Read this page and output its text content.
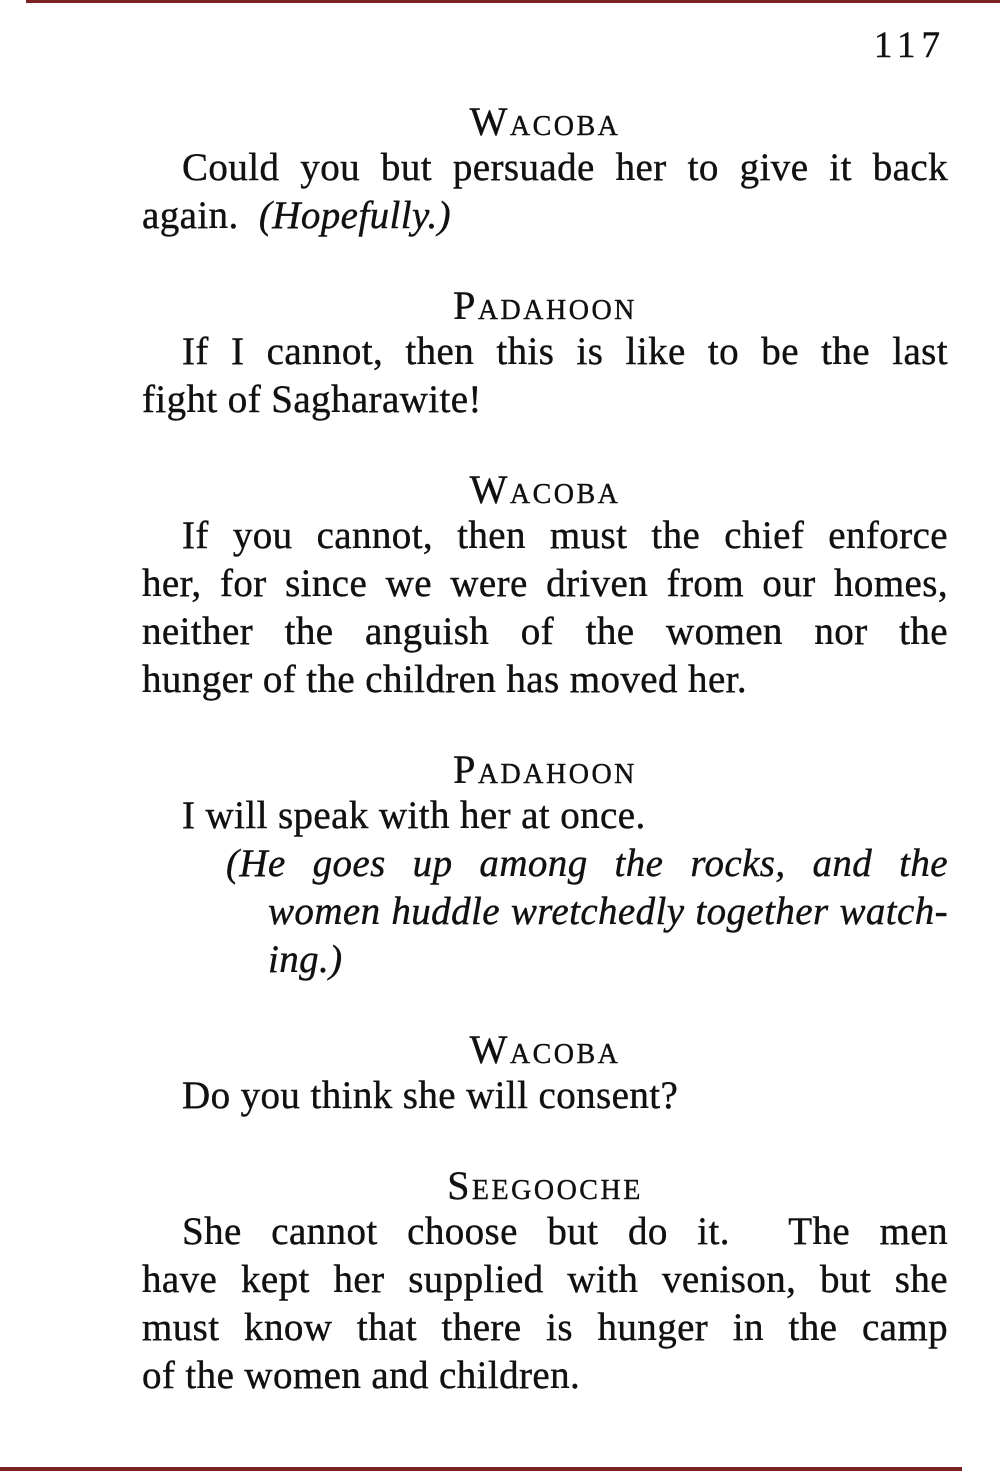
117
Wacoba
Could you but persuade her to give it back
again.  (Hopefully.)
Padahoon
If I cannot, then this is like to be the last
fight of Sagharawite!
Wacoba
If you cannot, then must the chief enforce
her, for since we were driven from our homes,
neither the anguish of the women nor the
hunger of the children has moved her.
Padahoon
I will speak with her at once.
(He goes up among the rocks, and the
women huddle wretchedly together watch-
ing.)
Wacoba
Do you think she will consent?
Seegooche
She cannot choose but do it.  The men
have kept her supplied with venison, but she
must know that there is hunger in the camp
of the women and children.
